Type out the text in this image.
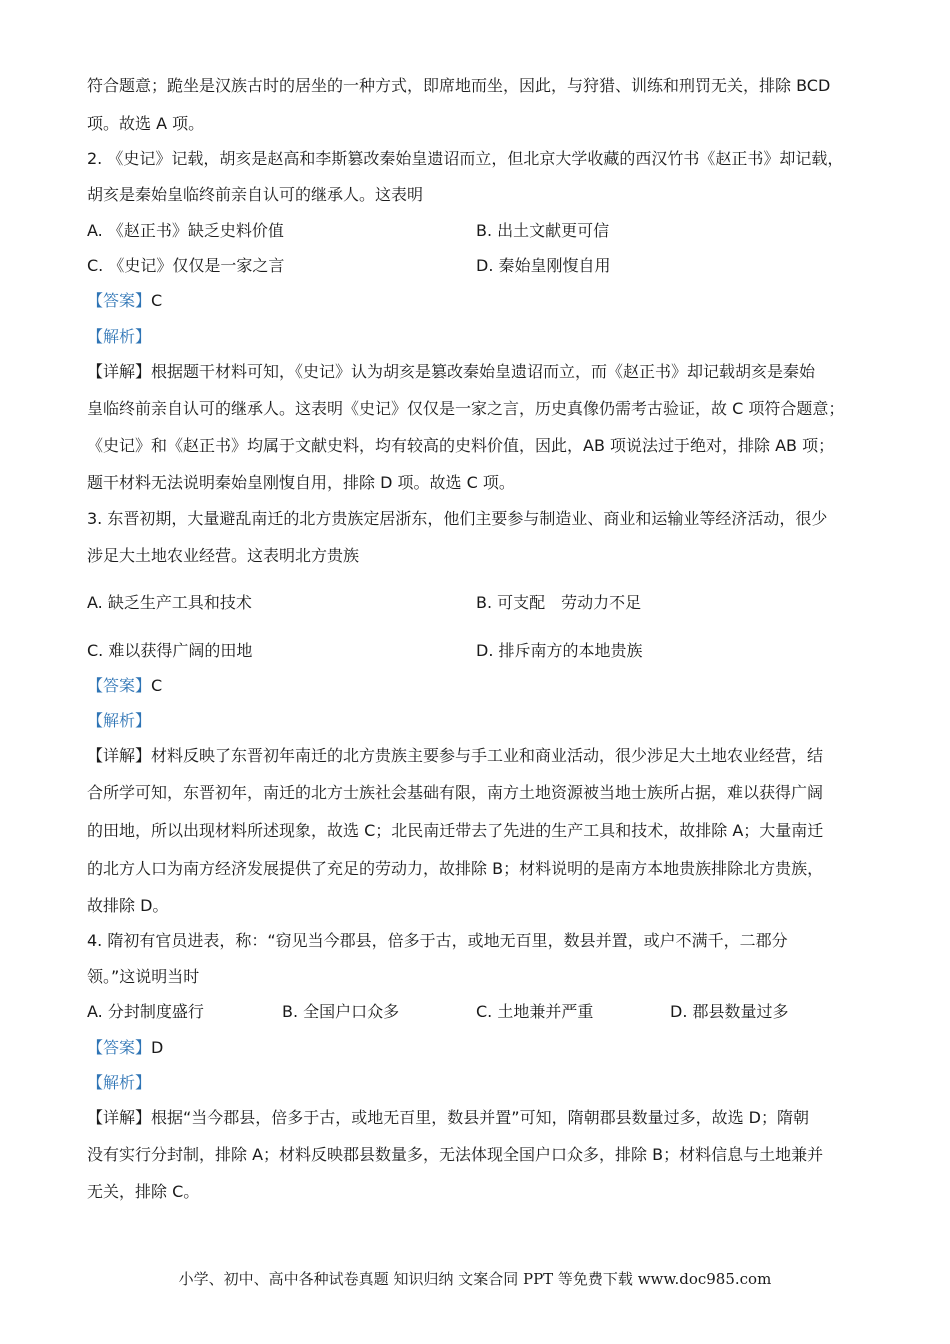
符合题意；跪坐是汉族古时的居坐的一种方式，即席地而坐，因此，与狩猎、训练和刑罚无关，排除 BCD
项。故选 A 项。
2. 《史记》记载，胡亥是赵高和李斯篡改秦始皇遗诏而立，但北京大学收藏的西汉竹书《赵正书》却记载，
胡亥是秦始皇临终前亲自认可的继承人。这表明
A. 《赵正书》缺乏史料价值	B. 出土文献更可信
C. 《史记》仅仅是一家之言	D. 秦始皇刚愎自用
【答案】C
【解析】
【详解】根据题干材料可知，《史记》认为胡亥是篡改秦始皇遗诏而立，而《赵正书》却记载胡亥是秦始
皇临终前亲自认可的继承人。这表明《史记》仅仅是一家之言，历史真像仍需考古验证，故 C 项符合题意；
《史记》和《赵正书》均属于文献史料，均有较高的史料价值，因此，AB 项说法过于绝对，排除 AB 项；
题干材料无法说明秦始皇刚愎自用，排除 D 项。故选 C 项。
3. 东晋初期，大量避乱南迁的北方贵族定居浙东，他们主要参与制造业、商业和运输业等经济活动，很少
涉足大土地农业经营。这表明北方贵族
A. 缺乏生产工具和技术	B. 可支配　劳动力不足
C. 难以获得广阔的田地	D. 排斥南方的本地贵族
【答案】C
【解析】
【详解】材料反映了东晋初年南迁的北方贵族主要参与手工业和商业活动，很少涉足大土地农业经营，结
合所学可知，东晋初年，南迁的北方士族社会基础有限，南方土地资源被当地士族所占据，难以获得广阔
的田地，所以出现材料所述现象，故选 C；北民南迁带去了先进的生产工具和技术，故排除 A；大量南迁
的北方人口为南方经济发展提供了充足的劳动力，故排除 B；材料说明的是南方本地贵族排除北方贵族，
故排除 D。
4. 隋初有官员进表，称：“窃见当今郡县，倍多于古，或地无百里，数县并置，或户不满千，二郡分
领。”这说明当时
A. 分封制度盛行	B. 全国户口众多	C. 土地兼并严重	D. 郡县数量过多
【答案】D
【解析】
【详解】根据“当今郡县，倍多于古，或地无百里，数县并置”可知，隋朝郡县数量过多，故选 D；隋朝
没有实行分封制，排除 A；材料反映郡县数量多，无法体现全国户口众多，排除 B；材料信息与土地兼并
无关，排除 C。
小学、初中、高中各种试卷真题 知识归纳 文案合同 PPT 等免费下载 www.doc985.com
